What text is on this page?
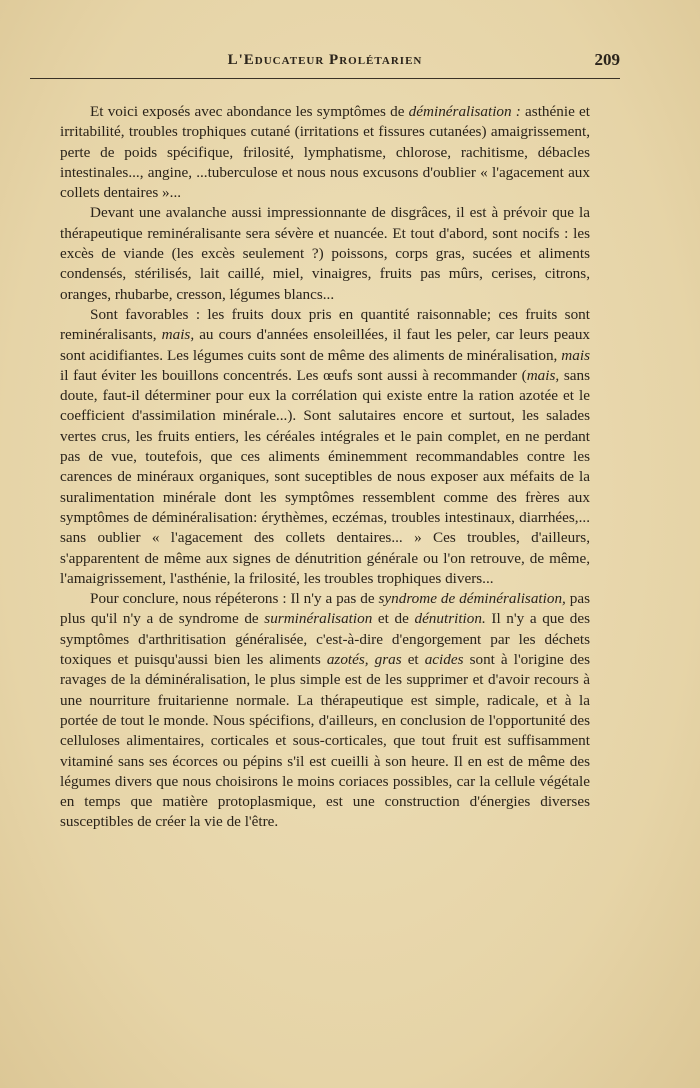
L'Educateur Prolétarien	209

Et voici exposés avec abondance les symptômes de déminéralisation : asthénie et irritabilité, troubles trophiques cutané (irritations et fissures cutanées) amaigrissement, perte de poids spécifique, frilosité, lymphatisme, chlorose, rachitisme, débacles intestinales..., angine, ...tuberculose et nous nous excusons d'oublier « l'agacement aux collets dentaires »...

Devant une avalanche aussi impressionnante de disgrâces, il est à prévoir que la thérapeutique reminéralisante sera sévère et nuancée. Et tout d'abord, sont nocifs : les excès de viande (les excès seulement ?) poissons, corps gras, sucées et aliments condensés, stérilisés, lait caillé, miel, vinaigres, fruits pas mûrs, cerises, citrons, oranges, rhubarbe, cresson, légumes blancs...

Sont favorables : les fruits doux pris en quantité raisonnable; ces fruits sont reminéralisants, mais, au cours d'années ensoleillées, il faut les peler, car leurs peaux sont acidifiantes. Les légumes cuits sont de même des aliments de minéralisation, mais il faut éviter les bouillons concentrés. Les œufs sont aussi à recommander (mais, sans doute, faut-il déterminer pour eux la corrélation qui existe entre la ration azotée et le coefficient d'assimilation minérale...). Sont salutaires encore et surtout, les salades vertes crus, les fruits entiers, les céréales intégrales et le pain complet, en ne perdant pas de vue, toutefois, que ces aliments éminemment recommandables contre les carences de minéraux organiques, sont suceptibles de nous exposer aux méfaits de la suralimentation minérale dont les symptômes ressemblent comme des frères aux symptômes de déminéralisation: érythèmes, eczémas, troubles intestinaux, diarrhées,... sans oublier « l'agacement des collets dentaires... » Ces troubles, d'ailleurs, s'apparentent de même aux signes de dénutrition générale ou l'on retrouve, de même, l'amaigrissement, l'asthénie, la frilosité, les troubles trophiques divers...

Pour conclure, nous répéterons : Il n'y a pas de syndrome de déminéralisation, pas plus qu'il n'y a de syndrome de surminéralisation et de dénutrition. Il n'y a que des symptômes d'arthritisation généralisée, c'est-à-dire d'engorgement par les déchets toxiques et puisqu'aussi bien les aliments azotés, gras et acides sont à l'origine des ravages de la déminéralisation, le plus simple est de les supprimer et d'avoir recours à une nourriture fruitarienne normale. La thérapeutique est simple, radicale, et à la portée de tout le monde. Nous spécifions, d'ailleurs, en conclusion de l'opportunité des celluloses alimentaires, corticales et sous-corticales, que tout fruit est suffisamment vitaminé sans ses écorces ou pépins s'il est cueilli à son heure. Il en est de même des légumes divers que nous choisirons le moins coriaces possibles, car la cellule végétale en temps que matière protoplasmique, est une construction d'énergies diverses susceptibles de créer la vie de l'être.
